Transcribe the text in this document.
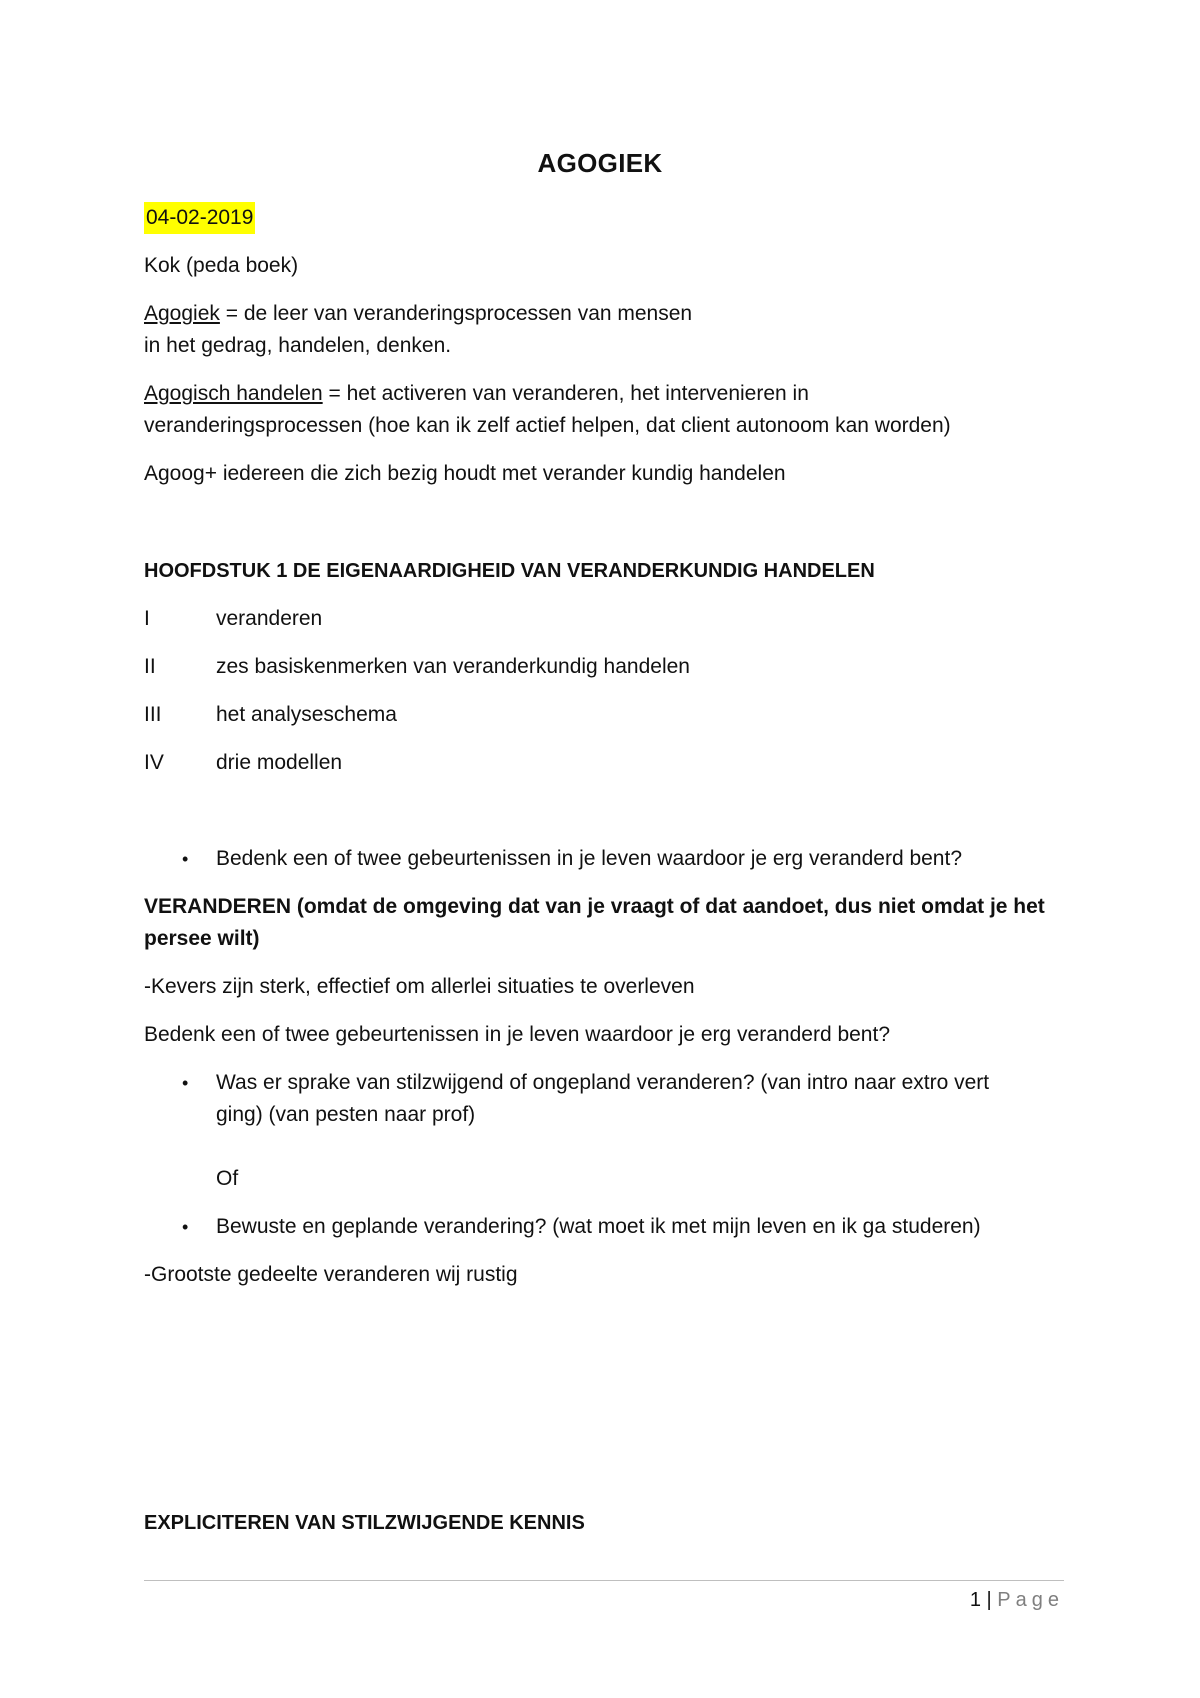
AGOGIEK
04-02-2019
Kok (peda boek)
Agogiek = de leer van veranderingsprocessen van mensen
in het gedrag, handelen, denken.
Agogisch handelen = het activeren van veranderen, het intervenieren in
veranderingsprocessen (hoe kan ik zelf actief helpen, dat client autonoom kan worden)
Agoog+ iedereen die zich bezig houdt met verander kundig handelen
HOOFDSTUK 1 DE EIGENAARDIGHEID VAN VERANDERKUNDIG HANDELEN
I	veranderen
II	zes basiskenmerken van veranderkundig handelen
III	het analyseschema
IV drie modellen
• Bedenk een of twee gebeurtenissen in je leven waardoor je erg veranderd bent?
VERANDEREN (omdat de omgeving dat van je vraagt of dat aandoet, dus niet omdat je het
persee wilt)
-Kevers zijn sterk, effectief om allerlei situaties te overleven
Bedenk een of twee gebeurtenissen in je leven waardoor je erg veranderd bent?
• Was er sprake van stilzwijgend of ongepland veranderen? (van intro naar extro vert
ging) (van pesten naar prof)
Of
• Bewuste en geplande verandering? (wat moet ik met mijn leven en ik ga studeren)
-Grootste gedeelte veranderen wij rustig
EXPLICITEREN VAN STILZWIJGENDE KENNIS
1 | Page
